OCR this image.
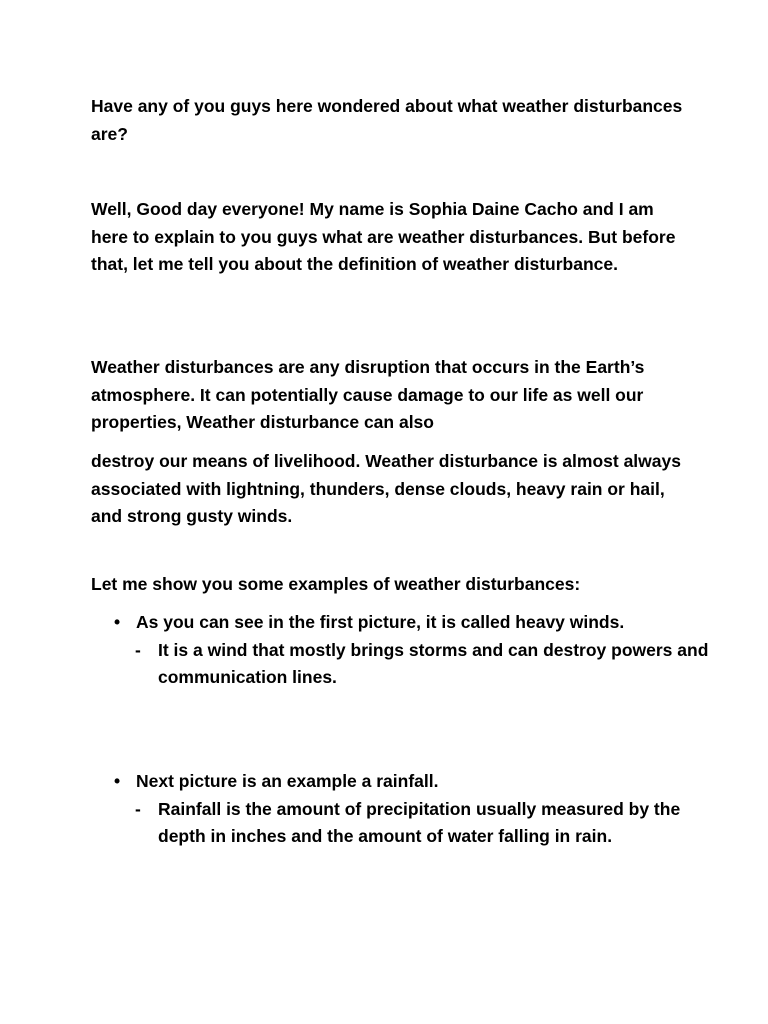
Have any of you guys here wondered about what weather disturbances are?

Well, Good day everyone! My name is Sophia Daine Cacho and I am here to explain to you guys what are weather disturbances. But before that, let me tell you about the definition of weather disturbance.

Weather disturbances are any disruption that occurs in the Earth’s atmosphere. It can potentially cause damage to our life as well our properties, Weather disturbance can also

destroy our means of livelihood. Weather disturbance is almost always associated with lightning, thunders, dense clouds, heavy rain or hail, and strong gusty winds.

Let me show you some examples of weather disturbances:

• As you can see in the first picture, it is called heavy winds.
- It is a wind that mostly brings storms and can destroy powers and communication lines.
• Next picture is an example a rainfall.
- Rainfall is the amount of precipitation usually measured by the depth in inches and the amount of water falling in rain.
